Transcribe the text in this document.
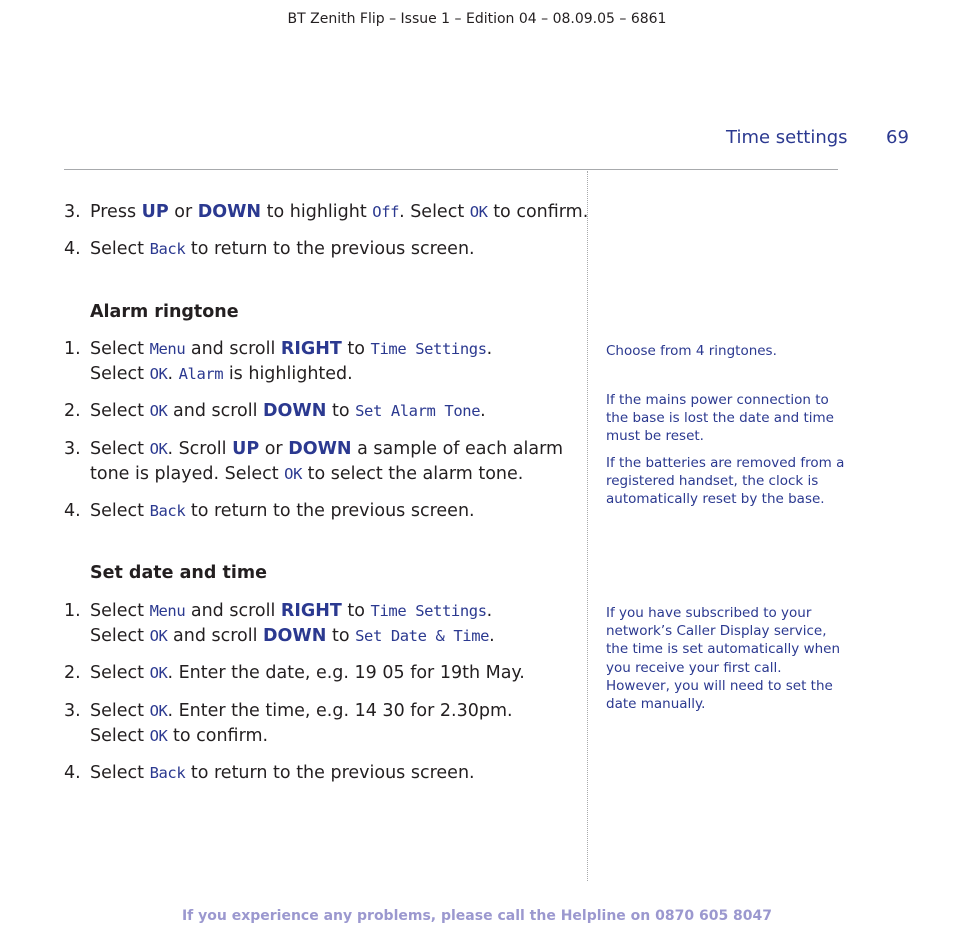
BT Zenith Flip – Issue 1 – Edition 04 – 08.09.05 – 6861
Time settings 69
3. Press UP or DOWN to highlight Off. Select OK to confirm.
4. Select Back to return to the previous screen.
Alarm ringtone
1. Select Menu and scroll RIGHT to Time Settings.
Select OK. Alarm is highlighted.
2. Select OK and scroll DOWN to Set Alarm Tone.
3. Select OK. Scroll UP or DOWN a sample of each alarm
tone is played. Select OK to select the alarm tone.
4. Select Back to return to the previous screen.
Set date and time
1. Select Menu and scroll RIGHT to Time Settings.
Select OK and scroll DOWN to Set Date & Time.
2. Select OK. Enter the date, e.g. 19 05 for 19th May.
3. Select OK. Enter the time, e.g. 14 30 for 2.30pm.
Select OK to confirm.
4. Select Back to return to the previous screen.
Choose from 4 ringtones.
If the mains power connection to
the base is lost the date and time
must be reset.
If the batteries are removed from a
registered handset, the clock is
automatically reset by the base.
If you have subscribed to your
network’s Caller Display service,
the time is set automatically when
you receive your first call.
However, you will need to set the
date manually.
If you experience any problems, please call the Helpline on 0870 605 8047
